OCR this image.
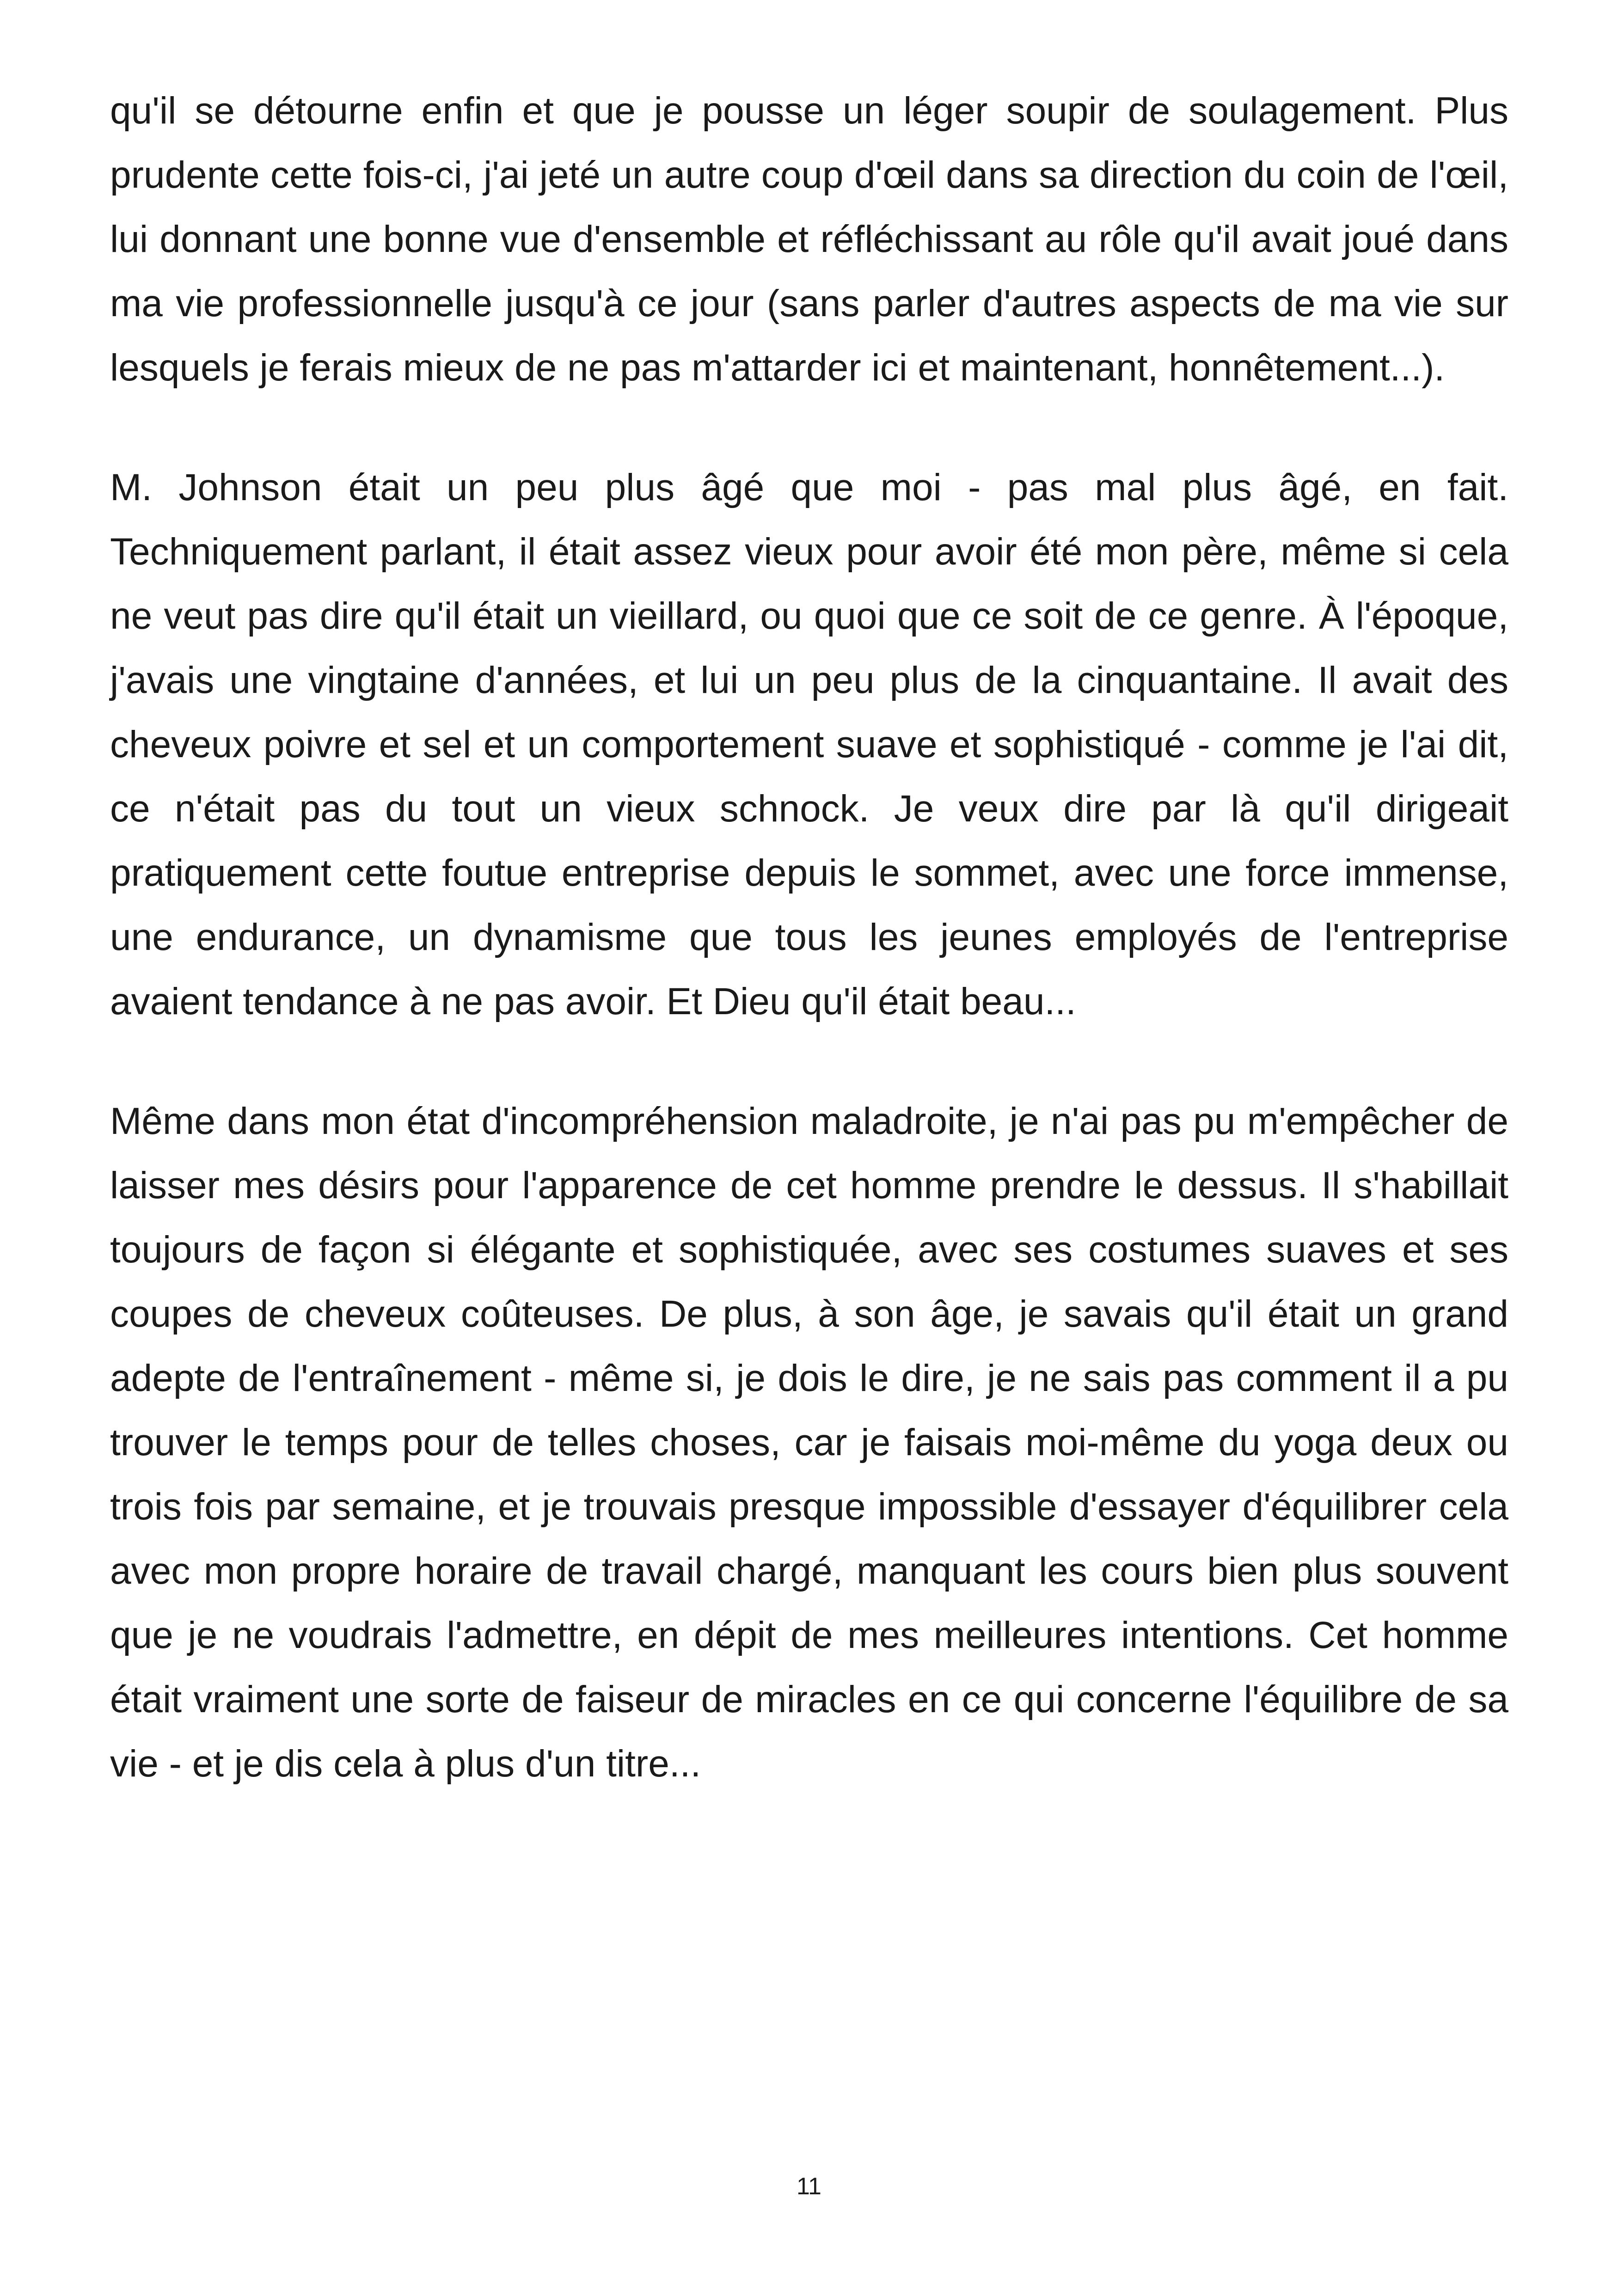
qu'il se détourne enfin et que je pousse un léger soupir de soulagement. Plus prudente cette fois-ci, j'ai jeté un autre coup d'œil dans sa direction du coin de l'œil, lui donnant une bonne vue d'ensemble et réfléchissant au rôle qu'il avait joué dans ma vie professionnelle jusqu'à ce jour (sans parler d'autres aspects de ma vie sur lesquels je ferais mieux de ne pas m'attarder ici et maintenant, honnêtement...).

M. Johnson était un peu plus âgé que moi - pas mal plus âgé, en fait. Techniquement parlant, il était assez vieux pour avoir été mon père, même si cela ne veut pas dire qu'il était un vieillard, ou quoi que ce soit de ce genre. À l'époque, j'avais une vingtaine d'années, et lui un peu plus de la cinquantaine. Il avait des cheveux poivre et sel et un comportement suave et sophistiqué - comme je l'ai dit, ce n'était pas du tout un vieux schnock. Je veux dire par là qu'il dirigeait pratiquement cette foutue entreprise depuis le sommet, avec une force immense, une endurance, un dynamisme que tous les jeunes employés de l'entreprise avaient tendance à ne pas avoir. Et Dieu qu'il était beau...

Même dans mon état d'incompréhension maladroite, je n'ai pas pu m'empêcher de laisser mes désirs pour l'apparence de cet homme prendre le dessus. Il s'habillait toujours de façon si élégante et sophistiquée, avec ses costumes suaves et ses coupes de cheveux coûteuses. De plus, à son âge, je savais qu'il était un grand adepte de l'entraînement - même si, je dois le dire, je ne sais pas comment il a pu trouver le temps pour de telles choses, car je faisais moi-même du yoga deux ou trois fois par semaine, et je trouvais presque impossible d'essayer d'équilibrer cela avec mon propre horaire de travail chargé, manquant les cours bien plus souvent que je ne voudrais l'admettre, en dépit de mes meilleures intentions. Cet homme était vraiment une sorte de faiseur de miracles en ce qui concerne l'équilibre de sa vie - et je dis cela à plus d'un titre...

11
